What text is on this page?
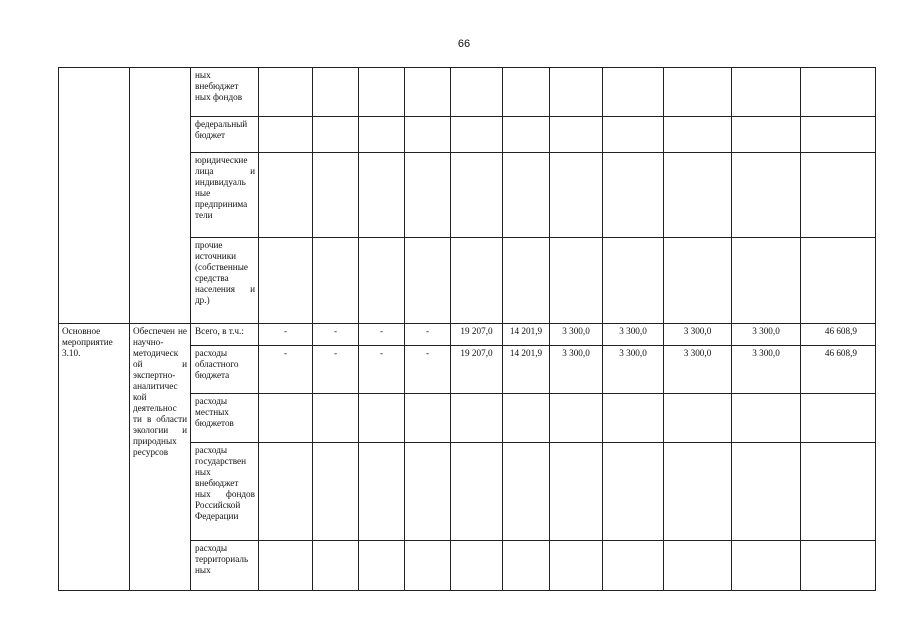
66
		ных внебюджет ных фондов											
		федеральный бюджет											
		юридические лица и индивидуаль ные предпринима тели											
		прочие источники (собственные средства населения и др.)											
Основное мероприятие 3.10.	Обеспечен не научно-методическ ой и экспертно-аналитичес кой деятельнос ти в области экологии и природных ресурсов	Всего, в т.ч.:	-	-	-	-	19 207,0	14 201,9	3 300,0	3 300,0	3 300,0	3 300,0	46 608,9
		расходы областного бюджета	-	-	-	-	19 207,0	14 201,9	3 300,0	3 300,0	3 300,0	3 300,0	46 608,9
		расходы местных бюджетов											
		расходы государствен ных внебюджет ных фондов Российской Федерации											
		расходы территориаль ных											
